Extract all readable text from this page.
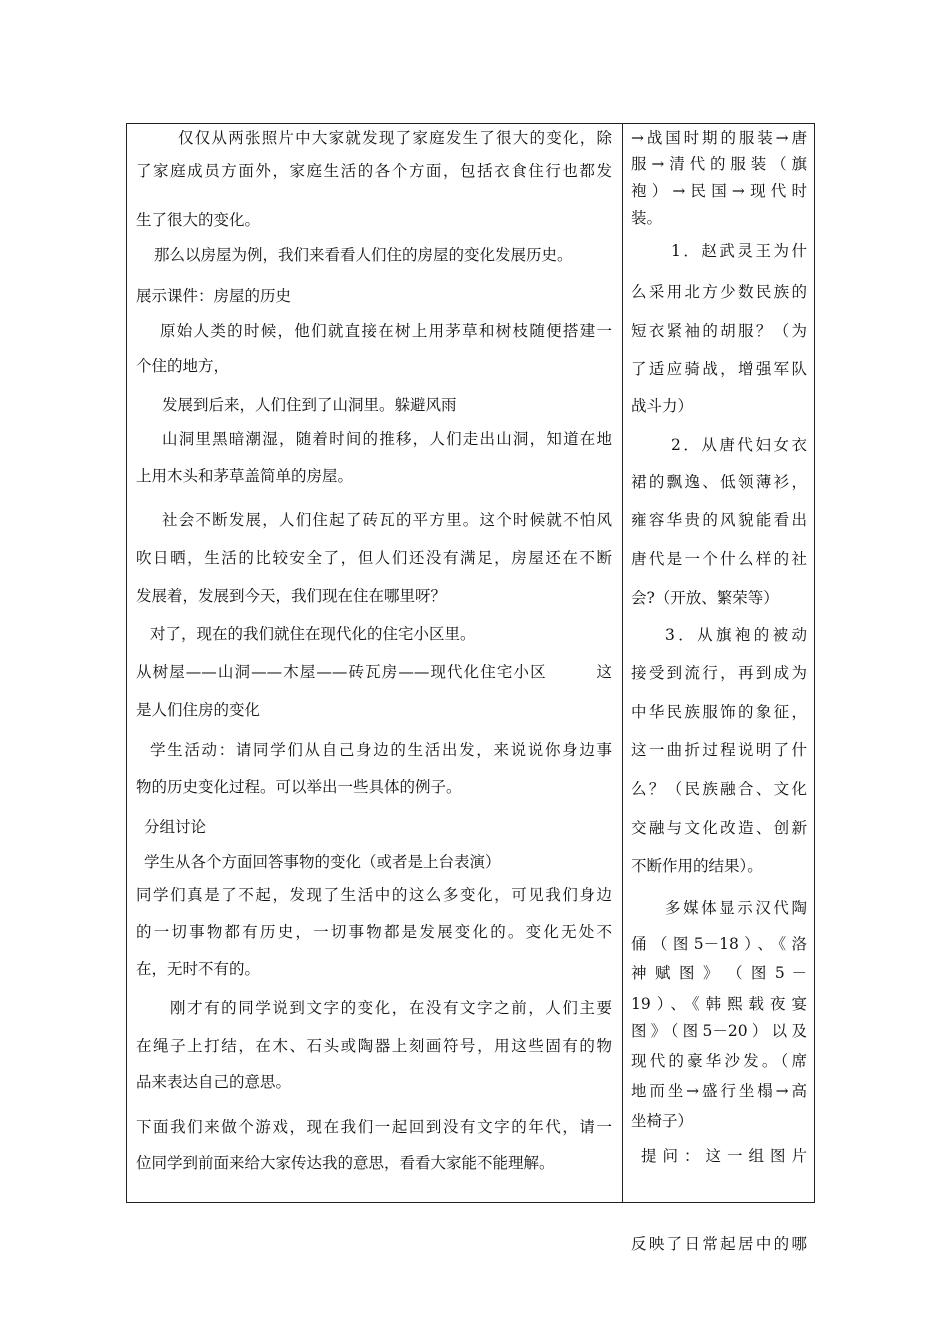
仅仅从两张照片中大家就发现了家庭发生了很大的变化，除
了家庭成员方面外，家庭生活的各个方面，包括衣食住行也都发
生了很大的变化。
那么以房屋为例，我们来看看人们住的房屋的变化发展历史。
展示课件：房屋的历史
原始人类的时候，他们就直接在树上用茅草和树枝随便搭建一
个住的地方，
发展到后来，人们住到了山洞里。躲避风雨
山洞里黑暗潮湿，随着时间的推移，人们走出山洞，知道在地
上用木头和茅草盖简单的房屋。
社会不断发展，人们住起了砖瓦的平方里。这个时候就不怕风
吹日晒，生活的比较安全了，但人们还没有满足，房屋还在不断
发展着，发展到今天，我们现在住在哪里呀？
对了，现在的我们就住在现代化的住宅小区里。
从树屋——山洞——木屋——砖瓦房——现代化住宅小区　　　这
是人们住房的变化
学生活动：请同学们从自己身边的生活出发，来说说你身边事
物的历史变化过程。可以举出一些具体的例子。
分组讨论
学生从各个方面回答事物的变化（或者是上台表演）
同学们真是了不起，发现了生活中的这么多变化，可见我们身边
的一切事物都有历史，一切事物都是发展变化的。变化无处不
在，无时不有的。
刚才有的同学说到文字的变化，在没有文字之前，人们主要
在绳子上打结，在木、石头或陶器上刻画符号，用这些固有的物
品来表达自己的意思。
下面我们来做个游戏，现在我们一起回到没有文字的年代，请一
位同学到前面来给大家传达我的意思，看看大家能不能理解。
→战国时期的服装→唐
服→清代的服装（旗
袍）→民国→现代时
装。
1．赵武灵王为什
么采用北方少数民族的
短衣紧袖的胡服？（为
了适应骑战，增强军队
战斗力）
2．从唐代妇女衣
裙的飘逸、低领薄衫，
雍容华贵的风貌能看出
唐代是一个什么样的社
会?（开放、繁荣等）
3．从旗袍的被动
接受到流行，再到成为
中华民族服饰的象征，
这一曲折过程说明了什
么？（民族融合、文化
交融与文化改造、创新
不断作用的结果）。
多媒体显示汉代陶
俑（图5－18）、《洛
神 赋 图 》 （ 图 5 －
19）、《韩熙载夜宴
图》（图5－20）以及
现代的豪华沙发。（席
地而坐→盛行坐榻→高
坐椅子）
提问：这一组图片
反映了日常起居中的哪
